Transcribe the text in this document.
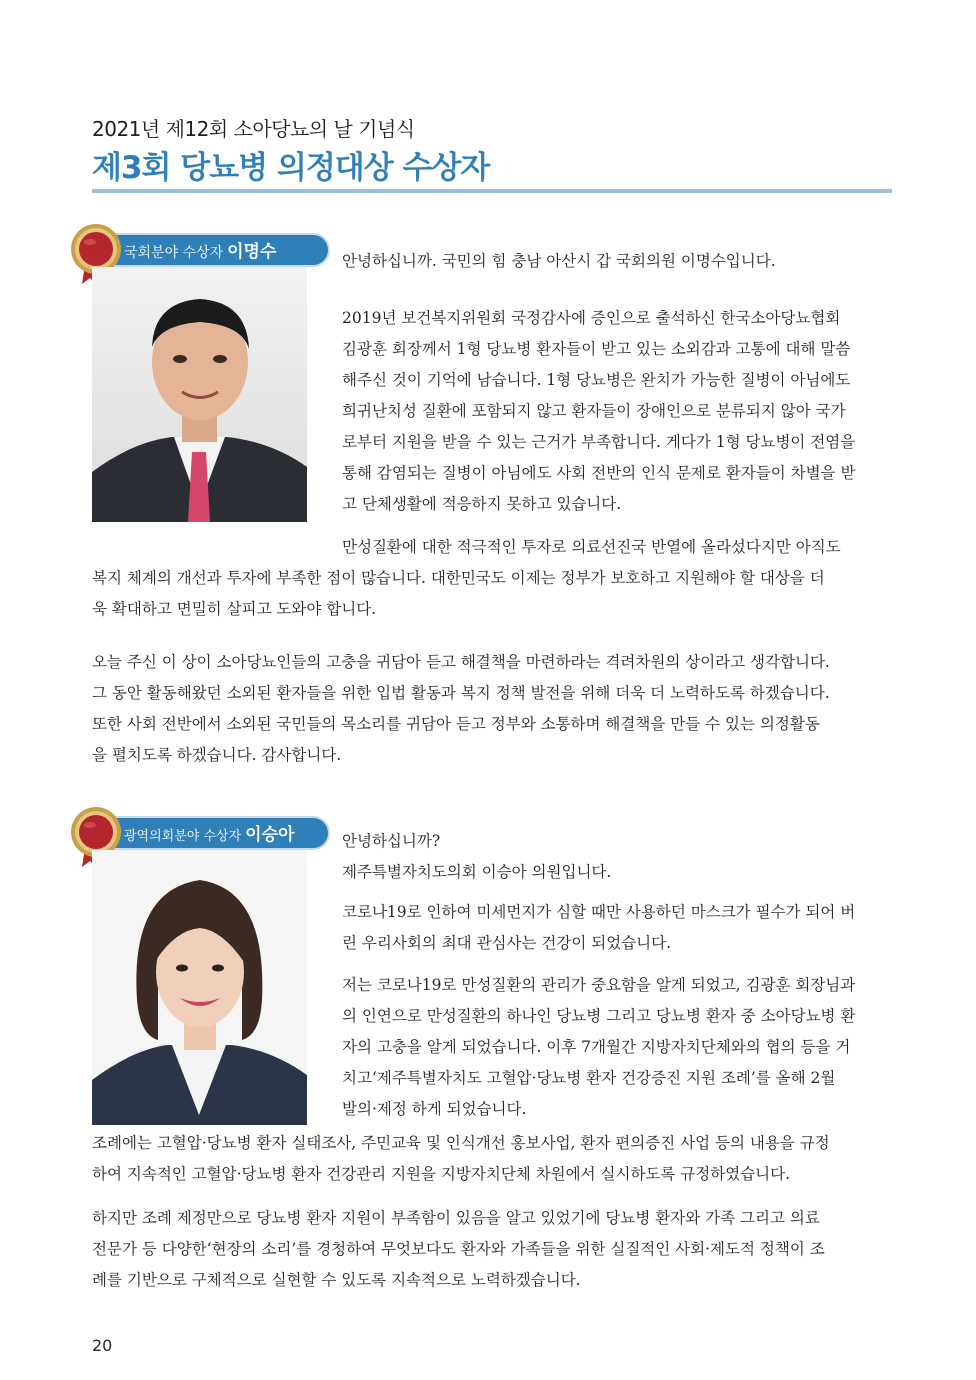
2021년 제12회 소아당뇨의 날 기념식
제3회 당뇨병 의정대상 수상자
국회분야 수상자 이명수	안녕하십니까. 국민의 힘 충남 아산시 갑 국회의원 이명수입니다.

2019년 보건복지위원회 국정감사에 증인으로 출석하신 한국소아당뇨협회
김광훈 회장께서 1형 당뇨병 환자들이 받고 있는 소외감과 고통에 대해 말씀
해주신 것이 기억에 남습니다. 1형 당뇨병은 완치가 가능한 질병이 아님에도
희귀난치성 질환에 포함되지 않고 환자들이 장애인으로 분류되지 않아 국가
로부터 지원을 받을 수 있는 근거가 부족합니다. 게다가 1형 당뇨병이 전염을
통해 감염되는 질병이 아님에도 사회 전반의 인식 문제로 환자들이 차별을 받
고 단체생활에 적응하지 못하고 있습니다.
만성질환에 대한 적극적인 투자로 의료선진국 반열에 올라섰다지만 아직도
복지 체계의 개선과 투자에 부족한 점이 많습니다. 대한민국도 이제는 정부가 보호하고 지원해야 할 대상을 더
욱 확대하고 면밀히 살피고 도와야 합니다.
오늘 주신 이 상이 소아당뇨인들의 고충을 귀담아 듣고 해결책을 마련하라는 격려차원의 상이라고 생각합니다.
그 동안 활동해왔던 소외된 환자들을 위한 입법 활동과 복지 정책 발전을 위해 더욱 더 노력하도록 하겠습니다.
또한 사회 전반에서 소외된 국민들의 목소리를 귀담아 듣고 정부와 소통하며 해결책을 만들 수 있는 의정활동
을 펼치도록 하겠습니다. 감사합니다.
광역의회분야 수상자 이승아	안녕하십니까?
제주특별자치도의회 이승아 의원입니다.
코로나19로 인하여 미세먼지가 심할 때만 사용하던 마스크가 필수가 되어 버
린 우리사회의 최대 관심사는 건강이 되었습니다.
저는 코로나19로 만성질환의 관리가 중요함을 알게 되었고, 김광훈 회장님과
의 인연으로 만성질환의 하나인 당뇨병 그리고 당뇨병 환자 중 소아당뇨병 환
자의 고충을 알게 되었습니다. 이후 7개월간 지방자치단체와의 협의 등을 거
치고‘제주특별자치도 고혈압·당뇨병 환자 건강증진 지원 조례’를 올해 2월
발의·제정 하게 되었습니다.
조례에는 고혈압·당뇨병 환자 실태조사, 주민교육 및 인식개선 홍보사업, 환자 편의증진 사업 등의 내용을 규정
하여 지속적인 고혈압·당뇨병 환자 건강관리 지원을 지방자치단체 차원에서 실시하도록 규정하였습니다.
하지만 조례 제정만으로 당뇨병 환자 지원이 부족함이 있음을 알고 있었기에 당뇨병 환자와 가족 그리고 의료
전문가 등 다양한‘현장의 소리’를 경청하여 무엇보다도 환자와 가족들을 위한 실질적인 사회·제도적 정책이 조
례를 기반으로 구체적으로 실현할 수 있도록 지속적으로 노력하겠습니다.
20
